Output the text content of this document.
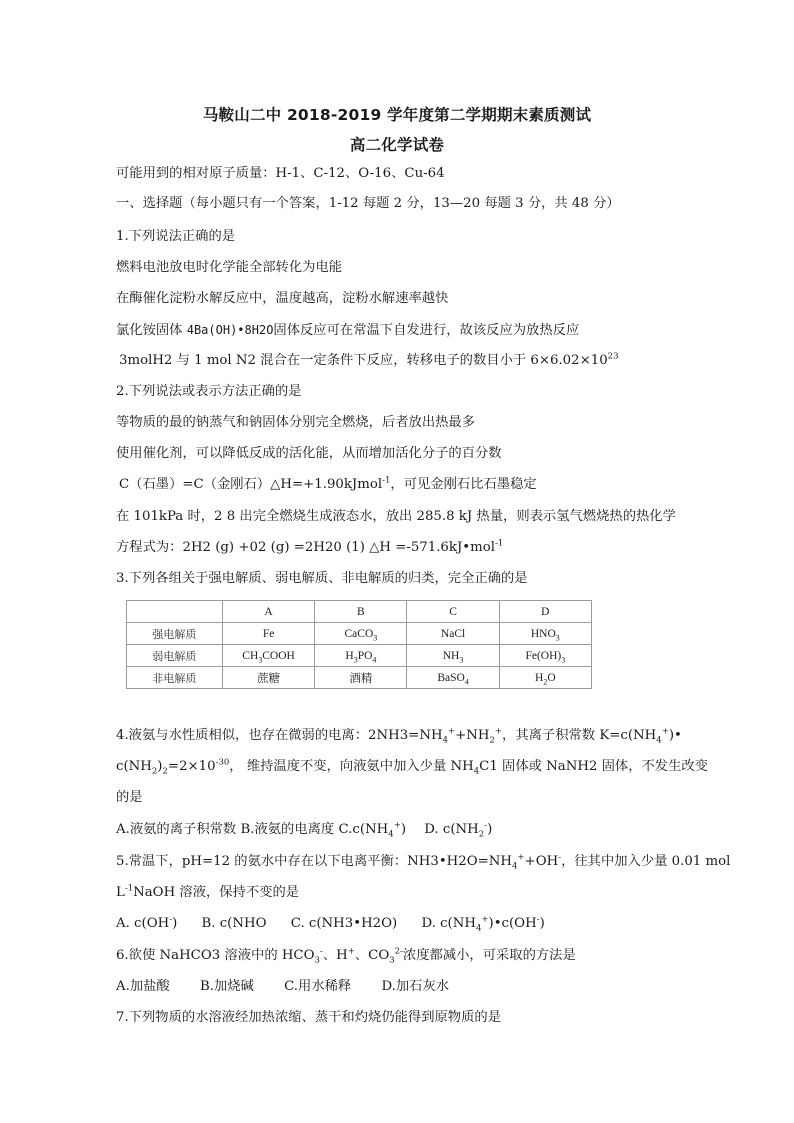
马鞍山二中 2018-2019 学年度第二学期期末素质测试
高二化学试卷
可能用到的相对原子质量：H-1、C-12、O-16、Cu-64
一、选择题（每小题只有一个答案，1-12 每题 2 分，13—20 每题 3 分，共 48 分）
1.下列说法正确的是
燃料电池放电时化学能全部转化为电能
在酶催化淀粉水解反应中，温度越高，淀粉水解速率越快
氯化铵固体 4Ba(OH)•8H2O固体反应可在常温下自发进行，故该反应为放热反应
3molH2 与 1 mol N2 混合在一定条件下反应，转移电子的数目小于 $6\times 6.02\times 10^{23}$
2.下列说法或表示方法正确的是
等物质的最的钠蒸气和钠固体分别完全燃烧，后者放出热最多
使用催化剂，可以降低反成的活化能，从而增加活化分子的百分数
C（石墨）=C（金刚石）△H=+1.90kJmol$^{-1}$，可见金刚石比石墨稳定
在 101kPa 时，2 8 出完全燃烧生成液态水，放出 285.8 kJ 热量，则表示氢气燃烧热的热化学
方程式为：2H2 (g) +02 (g) =2H20 (1) △H =-571.6kJ•mol$^{-1}$
3.下列各组关于强电解质、弱电解质、非电解质的归类，完全正确的是
	A	B	C	D
强电解质	Fe	CaCO$_3$	NaCl	$HNO_3$
弱电解质	$CH_3COOH$	$H_3PO_4$	$NH_3$	$Fe(OH)_3$
非电解质	蔗糖	酒精	BaSO$_4$	$H_2O$
4.液氨与水性质相似，也存在微弱的电离：$2NH3=NH_4^++NH_2^+$，其离子积常数 $K=c(NH_4^+)•$
$c(NH_2)_2=2\times 10^{-30}$， 维持温度不变，向液氨中加入少量 $NH_4C1$ 固体或 NaNH2 固体，不发生改变
的是
A.液氨的离子积常数 B.液氨的电离度 $C.c(NH_4^+)$ D. $c(NH_2^-)$
5.常温下，pH=12 的氨水中存在以下电离平衡：$NH3•H2O=NH_4^++OH^-$，往其中加入少量 0.01 mol
$L^{-1}NaOH$ 溶液，保持不变的是
A. c(OH-) B. c(NHO C. c(NH3•H2O) D. $c(NH_4^+)•c(OH^-)$
6.欲使 NaHCO3 溶液中的 $HCO_3^-$、H+、$CO_3^{2-}$浓度都减小，可采取的方法是
A.加盐酸 B.加烧碱 C.用水稀释 D.加石灰水
7.下列物质的水溶液经加热浓缩、蒸干和灼烧仍能得到原物质的是
